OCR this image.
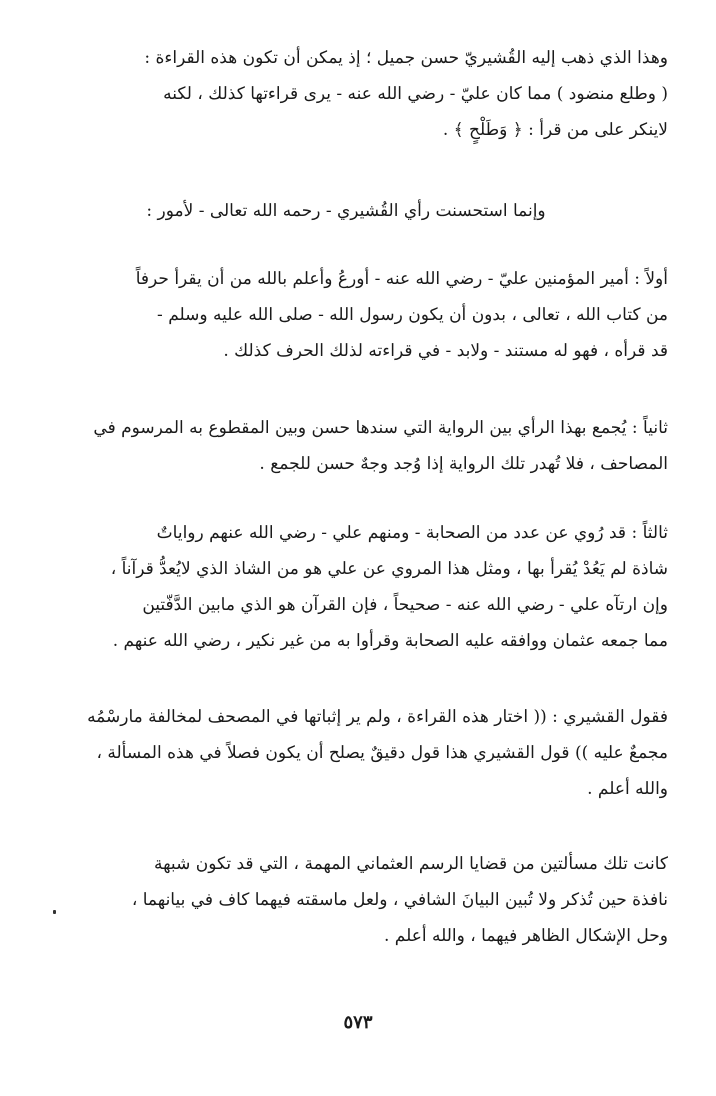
وهذا الذي ذهب إليه القُشيريّ حسن جميل ؛ إذ يمكن أن تكون هذه القراءة :
( وطلع منضود ) مما كان عليّ - رضي الله عنه - يرى قراءتها كذلك ، لكنه
لاينكر على من قرأ : ﴿ وَطَلْحٍ ﴾ .
وإنما استحسنت رأي القُشيري - رحمه الله تعالى - لأمور :
أولاً : أمير المؤمنين عليّ - رضي الله عنه - أورعُ وأعلم بالله من أن يقرأ حرفاً
من كتاب الله ، تعالى ، بدون أن يكون رسول الله - صلى الله عليه وسلم -
قد قرأه ، فهو له مستند - ولابد - في قراءته لذلك الحرف كذلك .
ثانياً : يُجمع بهذا الرأي بين الرواية التي سندها حسن وبين المقطوع به المرسوم في
المصاحف ، فلا تُهدر تلك الرواية إذا وُجد وجهٌ حسن للجمع .
ثالثاً : قد رُوي عن عدد من الصحابة - ومنهم علي - رضي الله عنهم رواياتٌ
شاذة لم يَعُدْ يُقرأ بها ، ومثل هذا المروي عن علي هو من الشاذ الذي لايُعدُّ قرآناً ،
وإن ارتآه علي - رضي الله عنه - صحيحاً ، فإن القرآن هو الذي مابين الدَّفّتين
مما جمعه عثمان ووافقه عليه الصحابة وقرأوا به من غير نكير ، رضي الله عنهم .
فقول القشيري : (( اختار هذه القراءة ، ولم ير إثباتها في المصحف لمخالفة مارسْمُه
مجمعٌ عليه )) قول القشيري هذا قول دقيقٌ يصلح أن يكون فصلاً في هذه المسألة ،
والله أعلم .
كانت تلك مسألتين من قضايا الرسم العثماني المهمة ، التي قد تكون شبهة
نافذة حين تُذكر ولا تُبين البيانَ الشافي ، ولعل ماسقته فيهما كاف في بيانهما ،
وحل الإشكال الظاهر فيهما ، والله أعلم .
٥٧٣
